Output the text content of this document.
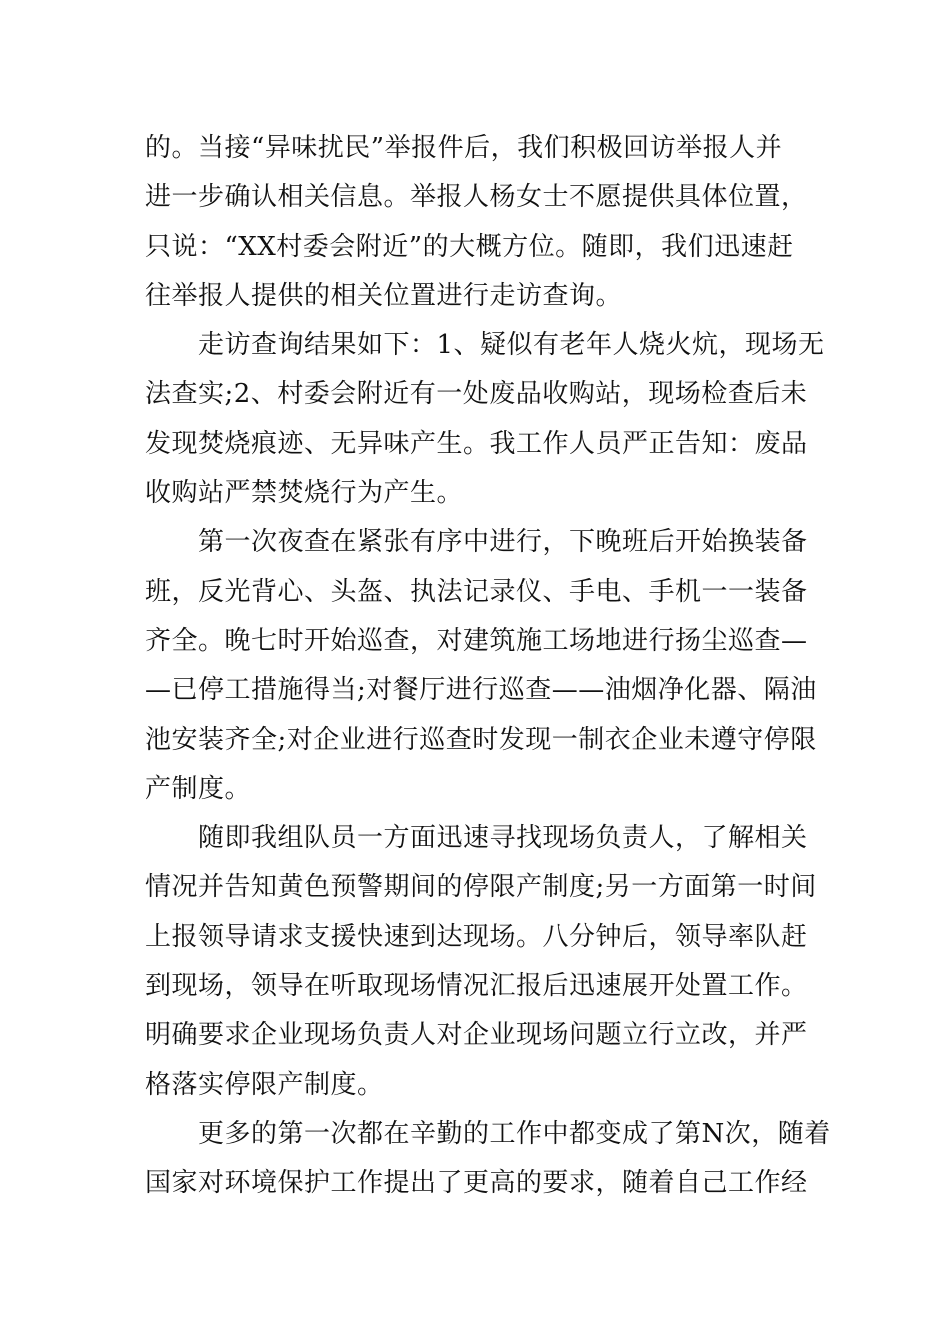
的。当接“异味扰民”举报件后，我们积极回访举报人并
进一步确认相关信息。举报人杨女士不愿提供具体位置，
只说：“XX村委会附近”的大概方位。随即，我们迅速赶
往举报人提供的相关位置进行走访查询。
　　走访查询结果如下：1、疑似有老年人烧火炕，现场无
法查实;2、村委会附近有一处废品收购站，现场检查后未
发现焚烧痕迹、无异味产生。我工作人员严正告知：废品
收购站严禁焚烧行为产生。
　　第一次夜查在紧张有序中进行，下晚班后开始换装备
班，反光背心、头盔、执法记录仪、手电、手机一一装备
齐全。晚七时开始巡查，对建筑施工场地进行扬尘巡查—
—已停工措施得当;对餐厅进行巡查——油烟净化器、隔油
池安装齐全;对企业进行巡查时发现一制衣企业未遵守停限
产制度。
　　随即我组队员一方面迅速寻找现场负责人，了解相关
情况并告知黄色预警期间的停限产制度;另一方面第一时间
上报领导请求支援快速到达现场。八分钟后，领导率队赶
到现场，领导在听取现场情况汇报后迅速展开处置工作。
明确要求企业现场负责人对企业现场问题立行立改，并严
格落实停限产制度。
　　更多的第一次都在辛勤的工作中都变成了第N次，随着
国家对环境保护工作提出了更高的要求，随着自己工作经
